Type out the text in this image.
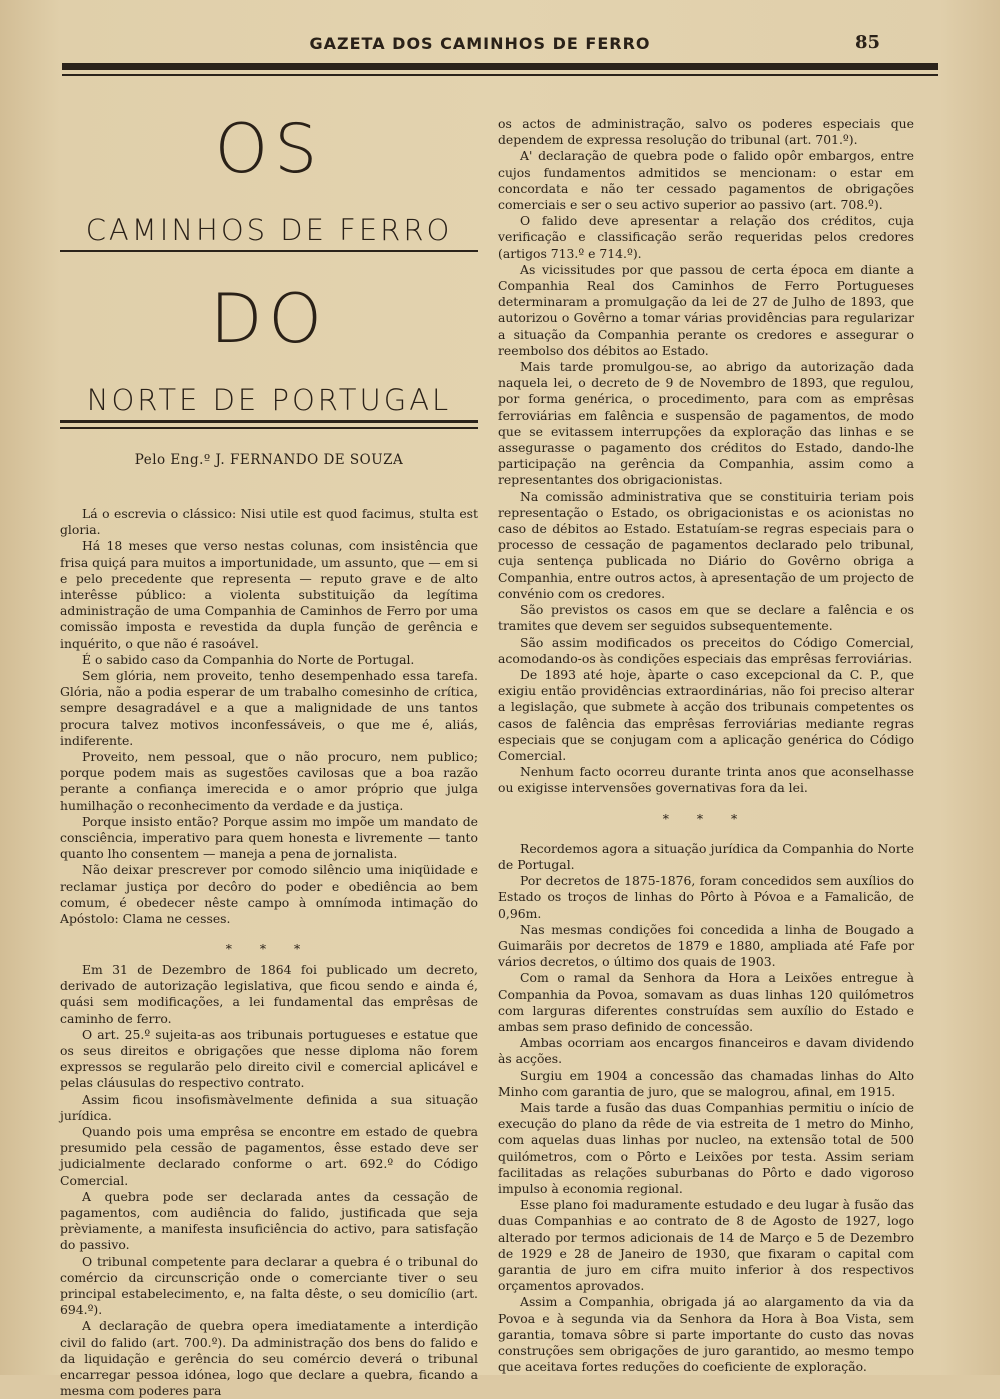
GAZETA DOS CAMINHOS DE FERRO	85
OS
CAMINHOS DE FERRO
DO
NORTE DE PORTUGAL
Pelo Eng.º J. FERNANDO DE SOUZA

Lá o escrevia o clássico: Nisi utile est quod facimus, stulta est gloria.

Há 18 meses que verso nestas colunas, com insistência que frisa quiçá para muitos a importunidade, um assunto, que — em si e pelo precedente que representa — reputo grave e de alto interêsse público: a violenta substituição da legítima administração de uma Companhia de Caminhos de Ferro por uma comissão imposta e revestida da dupla função de gerência e inquérito, o que não é rasoável.

É o sabido caso da Companhia do Norte de Portugal.

Sem glória, nem proveito, tenho desempenhado essa tarefa. Glória, não a podia esperar de um trabalho comesinho de crítica, sempre desagradável e a que a malignidade de uns tantos procura talvez motivos inconfessáveis, o que me é, aliás, indiferente.

Proveito, nem pessoal, que o não procuro, nem publico; porque podem mais as sugestões cavilosas que a boa razão perante a confiança imerecida e o amor próprio que julga humilhação o reconhecimento da verdade e da justiça.

Porque insisto então? Porque assim mo impõe um mandato de consciência, imperativo para quem honesta e livremente — tanto quanto lho consentem — maneja a pena de jornalista.

Não deixar prescrever por comodo silêncio uma iniqüidade e reclamar justiça por decôro do poder e obediência ao bem comum, é obedecer nêste campo à omnímoda intimação do Apóstolo: Clama ne cesses.

* * *

Em 31 de Dezembro de 1864 foi publicado um decreto, derivado de autorização legislativa, que ficou sendo e ainda é, quási sem modificações, a lei fundamental das emprêsas de caminho de ferro.

O art. 25.º sujeita-as aos tribunais portugueses e estatue que os seus direitos e obrigações que nesse diploma não forem expressos se regularão pelo direito civil e comercial aplicável e pelas cláusulas do respectivo contrato.

Assim ficou insofismàvelmente definida a sua situação jurídica.

Quando pois uma emprêsa se encontre em estado de quebra presumido pela cessão de pagamentos, êsse estado deve ser judicialmente declarado conforme o art. 692.º do Código Comercial.

A quebra pode ser declarada antes da cessação de pagamentos, com audiência do falido, justificada que seja prèviamente, a manifesta insuficiência do activo, para satisfação do passivo.

O tribunal competente para declarar a quebra é o tribunal do comércio da circunscrição onde o comerciante tiver o seu principal estabelecimento, e, na falta dêste, o seu domicílio (art. 694.º).

A declaração de quebra opera imediatamente a interdição civil do falido (art. 700.º). Da administração dos bens do falido e da liquidação e gerência do seu comércio deverá o tribunal encarregar pessoa idónea, logo que declare a quebra, ficando a mesma com poderes para

os actos de administração, salvo os poderes especiais que dependem de expressa resolução do tribunal (art. 701.º).

A' declaração de quebra pode o falido opôr embargos, entre cujos fundamentos admitidos se mencionam: o estar em concordata e não ter cessado pagamentos de obrigações comerciais e ser o seu activo superior ao passivo (art. 708.º).

O falido deve apresentar a relação dos créditos, cuja verificação e classificação serão requeridas pelos credores (artigos 713.º e 714.º).

As vicissitudes por que passou de certa época em diante a Companhia Real dos Caminhos de Ferro Portugueses determinaram a promulgação da lei de 27 de Julho de 1893, que autorizou o Govêrno a tomar várias providências para regularizar a situação da Companhia perante os credores e assegurar o reembolso dos débitos ao Estado.

Mais tarde promulgou-se, ao abrigo da autorização dada naquela lei, o decreto de 9 de Novembro de 1893, que regulou, por forma genérica, o procedimento, para com as emprêsas ferroviárias em falência e suspensão de pagamentos, de modo que se evitassem interrupções da exploração das linhas e se assegurasse o pagamento dos créditos do Estado, dando-lhe participação na gerência da Companhia, assim como a representantes dos obrigacionistas.

Na comissão administrativa que se constituiria teriam pois representação o Estado, os obrigacionistas e os acionistas no caso de débitos ao Estado. Estatuíam-se regras especiais para o processo de cessação de pagamentos declarado pelo tribunal, cuja sentença publicada no Diário do Govêrno obriga a Companhia, entre outros actos, à apresentação de um projecto de convénio com os credores.

São previstos os casos em que se declare a falência e os tramites que devem ser seguidos subsequentemente.

São assim modificados os preceitos do Código Comercial, acomodando-os às condições especiais das emprêsas ferroviárias.

De 1893 até hoje, àparte o caso excepcional da C. P., que exigiu então providências extraordinárias, não foi preciso alterar a legislação, que submete à acção dos tribunais competentes os casos de falência das emprêsas ferroviárias mediante regras especiais que se conjugam com a aplicação genérica do Código Comercial.

Nenhum facto ocorreu durante trinta anos que aconselhasse ou exigisse intervensões governativas fora da lei.

* * *

Recordemos agora a situação jurídica da Companhia do Norte de Portugal.

Por decretos de 1875-1876, foram concedidos sem auxílios do Estado os troços de linhas do Pôrto à Póvoa e a Famalicão, de 0,96m.

Nas mesmas condições foi concedida a linha de Bougado a Guimarãis por decretos de 1879 e 1880, ampliada até Fafe por vários decretos, o último dos quais de 1903.

Com o ramal da Senhora da Hora a Leixões entregue à Companhia da Povoa, somavam as duas linhas 120 quilómetros com larguras diferentes construídas sem auxílio do Estado e ambas sem praso definido de concessão.

Ambas ocorriam aos encargos financeiros e davam dividendo às acções.

Surgiu em 1904 a concessão das chamadas linhas do Alto Minho com garantia de juro, que se malogrou, afinal, em 1915.

Mais tarde a fusão das duas Companhias permitiu o início de execução do plano da rêde de via estreita de 1 metro do Minho, com aquelas duas linhas por nucleo, na extensão total de 500 quilómetros, com o Pôrto e Leixões por testa. Assim seriam facilitadas as relações suburbanas do Pôrto e dado vigoroso impulso à economia regional.

Esse plano foi maduramente estudado e deu lugar à fusão das duas Companhias e ao contrato de 8 de Agosto de 1927, logo alterado por termos adicionais de 14 de Março e 5 de Dezembro de 1929 e 28 de Janeiro de 1930, que fixaram o capital com garantia de juro em cifra muito inferior à dos respectivos orçamentos aprovados.

Assim a Companhia, obrigada já ao alargamento da via da Povoa e à segunda via da Senhora da Hora à Boa Vista, sem garantia, tomava sôbre si parte importante do custo das novas construções sem obrigações de juro garantido, ao mesmo tempo que aceitava fortes reduções do coeficiente de exploração.
